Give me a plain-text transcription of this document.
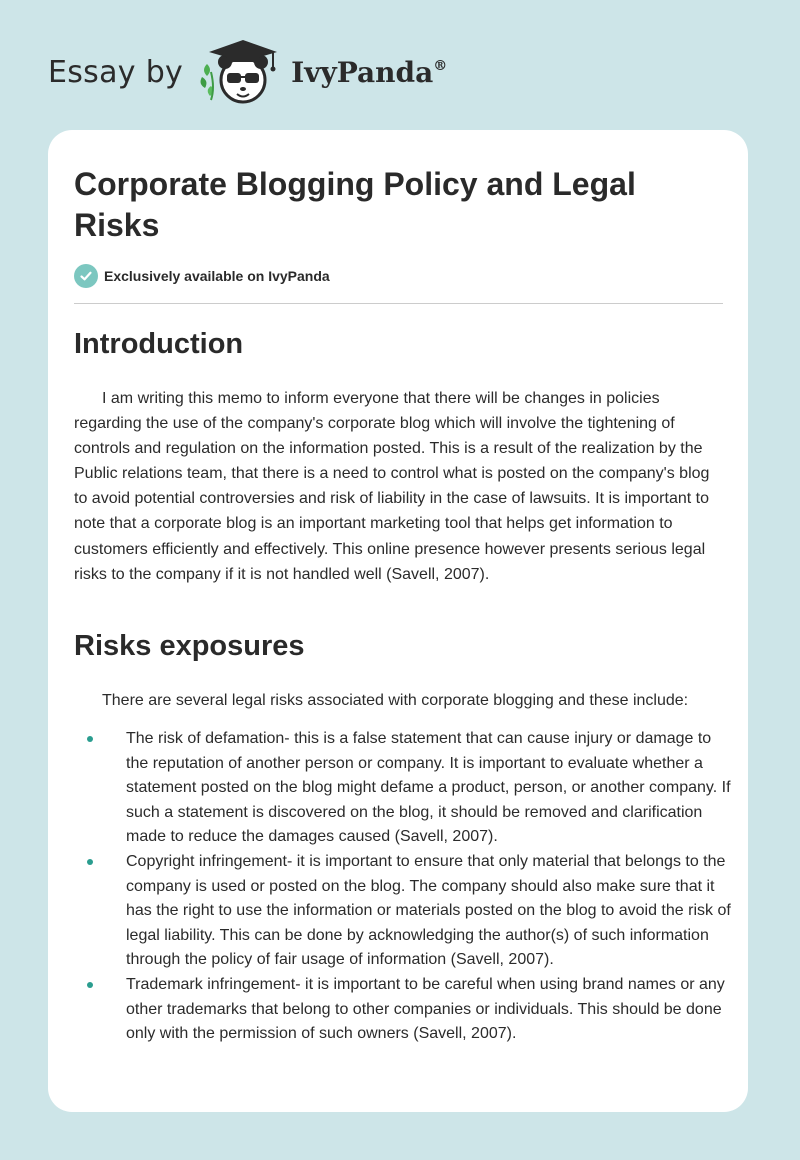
Essay by	IvyPanda®
Corporate Blogging Policy and Legal Risks
Exclusively available on IvyPanda
Introduction

I am writing this memo to inform everyone that there will be changes in policies regarding the use of the company's corporate blog which will involve the tightening of controls and regulation on the information posted. This is a result of the realization by the Public relations team, that there is a need to control what is posted on the company's blog to avoid potential controversies and risk of liability in the case of lawsuits. It is important to note that a corporate blog is an important marketing tool that helps get information to customers efficiently and effectively. This online presence however presents serious legal risks to the company if it is not handled well (Savell, 2007).

Risks exposures

There are several legal risks associated with corporate blogging and these include:

The risk of defamation- this is a false statement that can cause injury or damage to the reputation of another person or company. It is important to evaluate whether a statement posted on the blog might defame a product, person, or another company. If such a statement is discovered on the blog, it should be removed and clarification made to reduce the damages caused (Savell, 2007).
Copyright infringement- it is important to ensure that only material that belongs to the company is used or posted on the blog. The company should also make sure that it has the right to use the information or materials posted on the blog to avoid the risk of legal liability. This can be done by acknowledging the author(s) of such information through the policy of fair usage of information (Savell, 2007).
Trademark infringement- it is important to be careful when using brand names or any other trademarks that belong to other companies or individuals. This should be done only with the permission of such owners (Savell, 2007).
